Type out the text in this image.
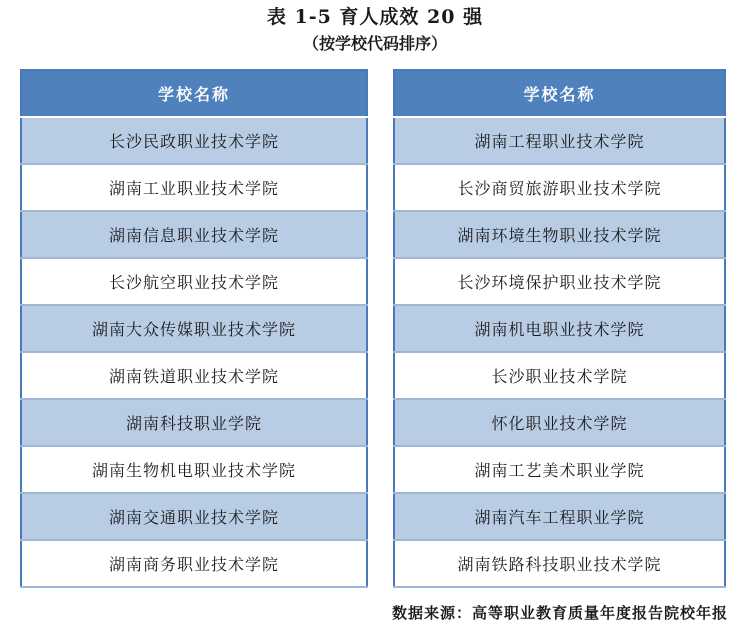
表 1-5 育人成效 20 强
（按学校代码排序）
学校名称
长沙民政职业技术学院
湖南工业职业技术学院
湖南信息职业技术学院
长沙航空职业技术学院
湖南大众传媒职业技术学院
湖南铁道职业技术学院
湖南科技职业学院
湖南生物机电职业技术学院
湖南交通职业技术学院
湖南商务职业技术学院
学校名称
湖南工程职业技术学院
长沙商贸旅游职业技术学院
湖南环境生物职业技术学院
长沙环境保护职业技术学院
湖南机电职业技术学院
长沙职业技术学院
怀化职业技术学院
湖南工艺美术职业学院
湖南汽车工程职业学院
湖南铁路科技职业技术学院
数据来源：高等职业教育质量年度报告院校年报
